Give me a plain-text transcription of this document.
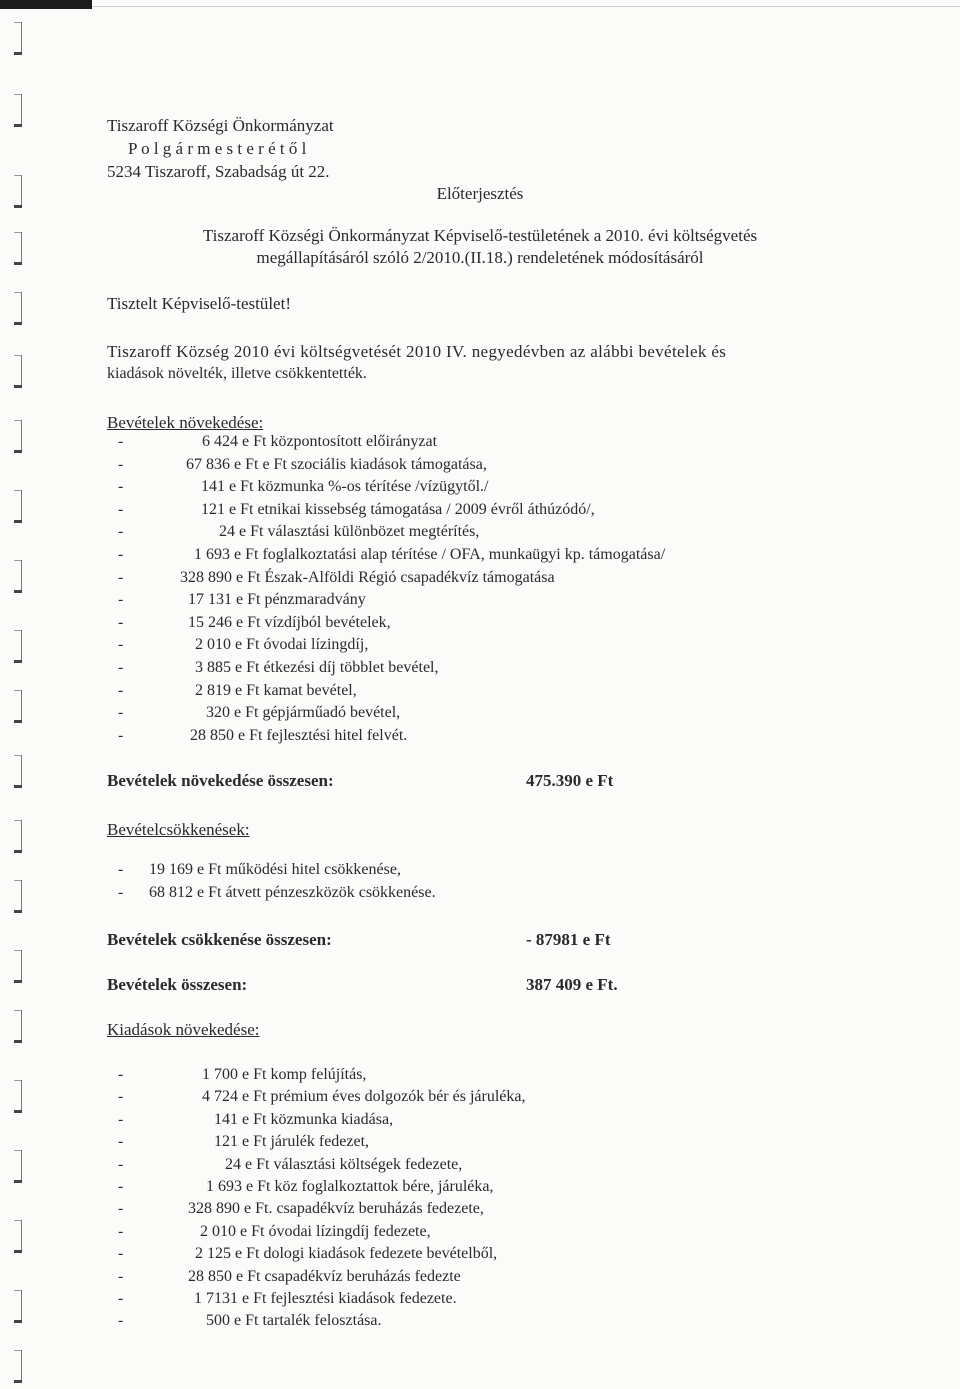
Tiszaroff Községi Önkormányzat
P o l g á r m e s t e r é t ő l
5234 Tiszaroff, Szabadság út 22.
Előterjesztés
Tiszaroff Községi Önkormányzat Képviselő-testületének a 2010. évi költségvetés
megállapításáról szóló 2/2010.(II.18.) rendeletének módosításáról
Tisztelt Képviselő-testület!
Tiszaroff Község 2010 évi költségvetését 2010 IV. negyedévben az alábbi bevételek és
kiadások növelték, illetve csökkentették.
Bevételek növekedése:
-	6 424 e Ft központosított előirányzat
-	67 836 e Ft e Ft szociális kiadások támogatása,
-	141 e Ft közmunka %-os térítése /vízügytől./
-	121 e Ft etnikai kissebség támogatása / 2009 évről áthúzódó/,
-	24 e Ft választási különbözet megtérítés,
-	1 693 e Ft foglalkoztatási alap térítése / OFA, munkaügyi kp. támogatása/
-	328 890 e Ft Észak-Alföldi Régió csapadékvíz támogatása
-	17 131 e Ft pénzmaradvány
-	15 246 e Ft vízdíjból bevételek,
-	2 010 e Ft óvodai lízingdíj,
-	3 885 e Ft étkezési díj többlet bevétel,
-	2 819 e Ft kamat bevétel,
-	320 e Ft gépjárműadó bevétel,
-	28 850 e Ft fejlesztési hitel felvét.
Bevételek növekedése összesen:	475.390 e Ft
Bevételcsökkenések:
- 19 169 e Ft működési hitel csökkenése,
- 68 812 e Ft átvett pénzeszközök csökkenése.
Bevételek csökkenése összesen:	- 87981 e Ft
Bevételek összesen:	387 409 e Ft.
Kiadások növekedése:
-	1 700 e Ft komp felújítás,
-	4 724 e Ft prémium éves dolgozók bér és járuléka,
-	141 e Ft közmunka kiadása,
-	121 e Ft járulék fedezet,
-	24 e Ft választási költségek fedezete,
-	1 693 e Ft köz foglalkoztattok bére, járuléka,
-	328 890 e Ft. csapadékvíz beruházás fedezete,
-	2 010 e Ft óvodai lízingdíj fedezete,
-	2 125 e Ft dologi kiadások fedezete bevételből,
-	28 850 e Ft csapadékvíz beruházás fedezte
-	1 7131 e Ft fejlesztési kiadások fedezete.
-	500 e Ft tartalék felosztása.
